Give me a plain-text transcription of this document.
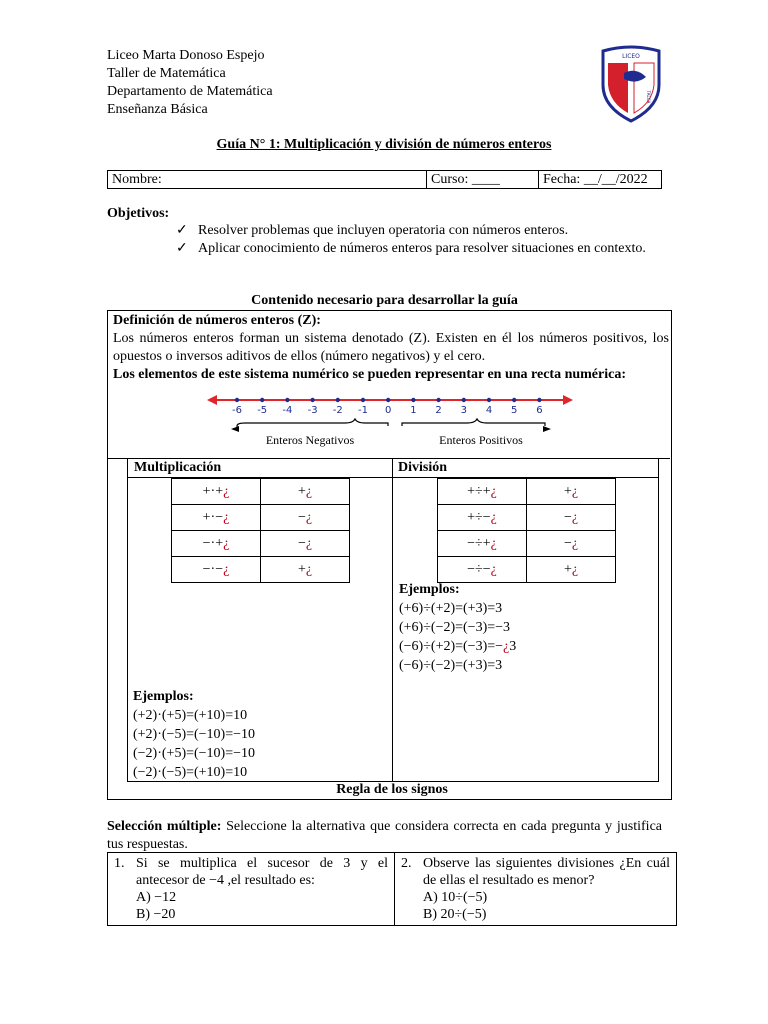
Liceo Marta Donoso Espejo
Taller de Matemática
Departamento de Matemática
Enseñanza Básica
LICEO
TALCA
Guía N° 1: Multiplicación y división de números enteros
Nombre:	Curso: ____	Fecha: __/__/2022
Objetivos:
✓ Resolver problemas que incluyen operatoria con números enteros.
✓ Aplicar conocimiento de números enteros para resolver situaciones en contexto.
Contenido necesario para desarrollar la guía
Definición de números enteros (Z):
Los números enteros forman un sistema denotado (Z). Existen en él los números positivos, los opuestos o inversos aditivos de ellos (número negativos) y el cero.
Los elementos de este sistema numérico se pueden representar en una recta numérica:
-6 -5 -4 -3 -2 -1 0 1 2 3 4 5 6
Enteros Negativos	Enteros Positivos
Multiplicación	División
+·+¿	+¿
+·−¿	−¿
−·+¿	−¿
−·−¿	+¿
+÷+¿	+¿
+÷−¿	−¿
−÷+¿	−¿
−÷−¿	+¿
Ejemplos:
(+6)÷(+2)=(+3)=3
(+6)÷(−2)=(−3)=−3
(−6)÷(+2)=(−3)=−¿3
(−6)÷(−2)=(+3)=3
Ejemplos:
(+2)·(+5)=(+10)=10
(+2)·(−5)=(−10)=−10
(−2)·(+5)=(−10)=−10
(−2)·(−5)=(+10)=10
Regla de los signos
Selección múltiple: Seleccione la alternativa que considera correcta en cada pregunta y justifica tus respuestas.
1. Si se multiplica el sucesor de 3 y el antecesor de −4 ,el resultado es:
A) −12
B) −20

2. Observe las siguientes divisiones ¿En cuál de ellas el resultado es menor?
A) 10÷(−5)
B) 20÷(−5)
